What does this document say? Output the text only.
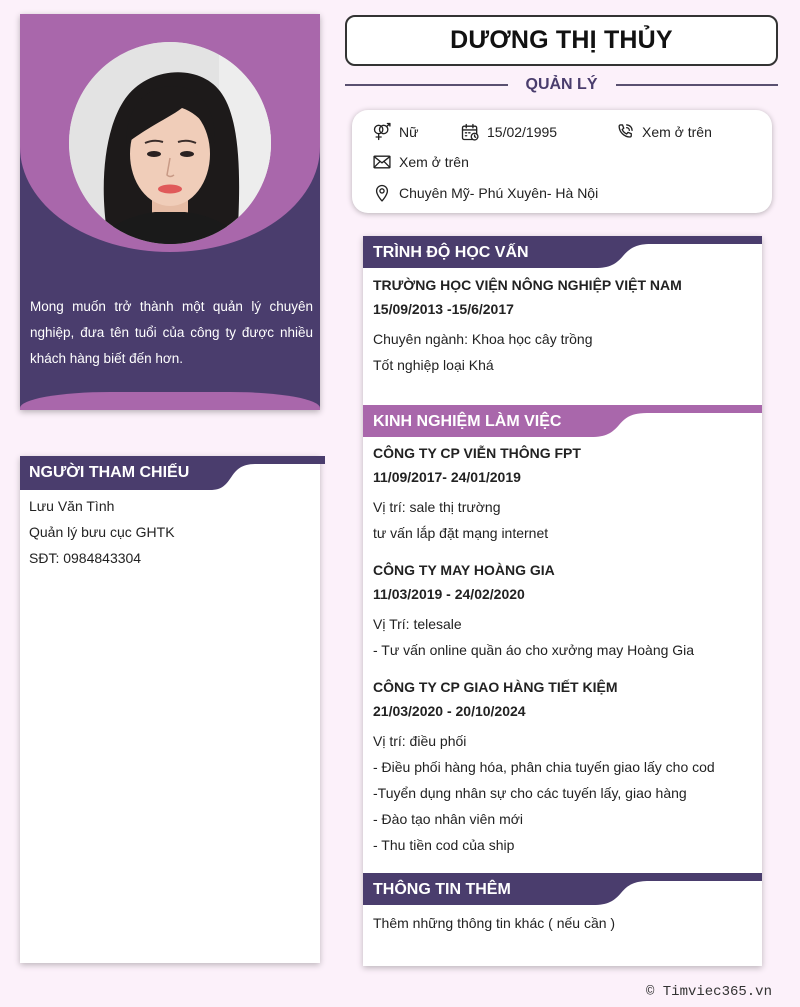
Mong muốn trở thành một quản lý chuyên nghiệp, đưa tên tuổi của công ty được nhiều khách hàng biết đến hơn.

NGƯỜI THAM CHIẾU
Lưu Văn Tình
Quản lý bưu cục GHTK
SĐT: 0984843304
DƯƠNG THỊ THỦY
QUẢN LÝ
Nữ	15/02/1995	Xem ở trên
Xem ở trên
Chuyên Mỹ- Phú Xuyên- Hà Nội
TRÌNH ĐỘ HỌC VẤN
TRƯỜNG HỌC VIỆN NÔNG NGHIỆP VIỆT NAM
15/09/2013 -15/6/2017
Chuyên ngành: Khoa học cây trồng
Tốt nghiệp loại Khá
KINH NGHIỆM LÀM VIỆC
CÔNG TY CP VIỄN THÔNG FPT
11/09/2017- 24/01/2019
Vị trí: sale thị trường
tư vấn lắp đặt mạng internet
CÔNG TY MAY HOÀNG GIA
11/03/2019 - 24/02/2020
Vị Trí: telesale
- Tư vấn online quần áo cho xưởng may Hoàng Gia
CÔNG TY CP GIAO HÀNG TIẾT KIỆM
21/03/2020 - 20/10/2024
Vị trí: điều phối
- Điều phối hàng hóa, phân chia tuyến giao lấy cho cod
-Tuyển dụng nhân sự cho các tuyến lấy, giao hàng
- Đào tạo nhân viên mới
- Thu tiền cod của ship
THÔNG TIN THÊM
Thêm những thông tin khác ( nếu cần )
© Timviec365.vn
